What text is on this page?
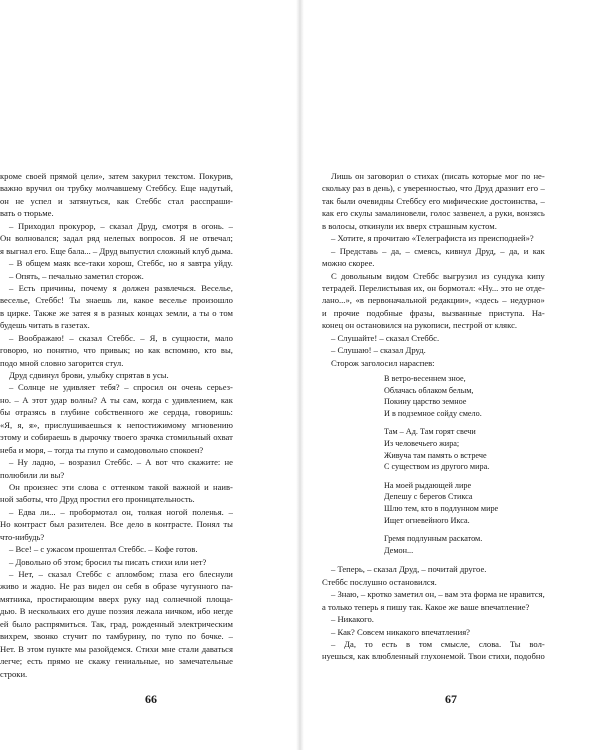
кроме своей прямой цели», затем закурил текстом. Покурив,
важно вручил он трубку молчавшему Стеббсу. Еще надутый,
он не успел и затянуться, как Стеббс стал расспраши-
вать о тюрьме.
– Приходил прокурор, – сказал Друд, смотря в огонь. –
Он волновался; задал ряд нелепых вопросов. Я не отвечал;
я выгнал его. Еще бала... – Друд выпустил сложный клуб дыма.
– В общем маяк все-таки хорош, Стеббс, но я завтра уйду.
– Опять, – печально заметил сторож.
– Есть причины, почему я должен развлечься. Весельe,
веселье, Стеббс! Ты знаешь ли, какое веселье произошло
в цирке. Также же затея я в разных концах земли, а ты о том
будешь читать в газетах.
– Воображаю! – сказал Стеббс. – Я, в сущности, мало
говорю, но понятно, что привык; но как вспомню, кто вы,
подо мной словно загорится стул.
Друд сдвинул брови, улыбку спрятав в усы.
– Солнце не удивляет тебя? – спросил он очень серьез-
но. – А этот удар волны? А ты сам, когда с удивлением, как
бы отразясь в глубине собственного же сердца, говоришь:
«Я, я, я», прислушиваешься к непостижимому мгновению
этому и собираешь в дырочку твоего зрачка стомильный охват
неба и моря, – тогда ты глупо и самодовольно спокоен?
– Ну ладно, – возразил Стеббс. – А вот что скажите: не
полюбили ли вы?
Он произнес эти слова с оттенком такой важной и наив-
ной заботы, что Друд простил его проницательность.
– Едва ли... – пробормотал он, толкая ногой поленья. –
Но контраст был разителен. Все дело в контрасте. Понял ты
что-нибудь?
– Все! – с ужасом прошептал Стеббс. – Кофе готов.
– Довольно об этом; бросил ты писать стихи или нет?
– Нет, – сказал Стеббс с апломбом; глаза его блеснули
живо и жадно. Не раз видел он себя в образе чугунного па-
мятника, простирающим вверх руку над солнечной площа-
дью. В нескольких его душе поэзия лежала ничком, ибо негде
ей было распрямиться. Так, град, рожденный электрическим
вихрем, звонко стучит по тамбурину, по тупо по бочке. –
Нет. В этом пункте мы разойдемся. Стихи мне стали даваться
легче; есть прямо не скажу гениальные, но замечательные
строки.
Лишь он заговорил о стихах (писать которые мог по не-
скольку раз в день), с уверенностью, что Друд дразнит его –
так были очевидны Стеббсу его мифические достоинства, –
как его скулы замалиновели, голос зазвенел, а руки, вонзясь
в волосы, откинули их вверх страшным кустом.
– Хотите, я прочитаю «Телеграфиста из преисподней»?
– Представь – да, – смеясь, кивнул Друд, – да, и как
можно скорее.
С довольным видом Стеббс выгрузил из сундука кипу
тетрадей. Перелистывая их, он бормотал: «Ну... это не отде-
лано...», «в первоначальной редакции», «здесь – недурно»
и прочие подобные фразы, вызванные приступа. На-
конец он остановился на рукописи, пестрой от клякс.
– Слушайте! – сказал Стеббс.
– Слушаю! – сказал Друд.
Сторож заголосил нараспев:
В ветро-весеннем зное,
Облачась облаком белым,
Покину царство земное
И в подземное сойду смело.
Там – Ад. Там горят свечи
Из человечьего жира;
Живуча там память о встрече
С существом из другого мира.
На моей рыдающей лире
Депешу с берегов Стикса
Шлю тем, кто в подлунном мире
Ищет огневейного Икса.
Гремя подлунным раскатом.
Демон...
– Теперь, – сказал Друд, – почитай другое.
Стеббс послушно остановился.
– Знаю, – кротко заметил он, – вам эта форма не нравится,
а только теперь я пишу так. Какое же ваше впечатление?
– Никакого.
– Как? Совсем никакого впечатления?
– Да, то есть в том смысле, слова. Ты вол-
нуешься, как влюбленный глухонемой. Твои стихи, подобно
66	67
